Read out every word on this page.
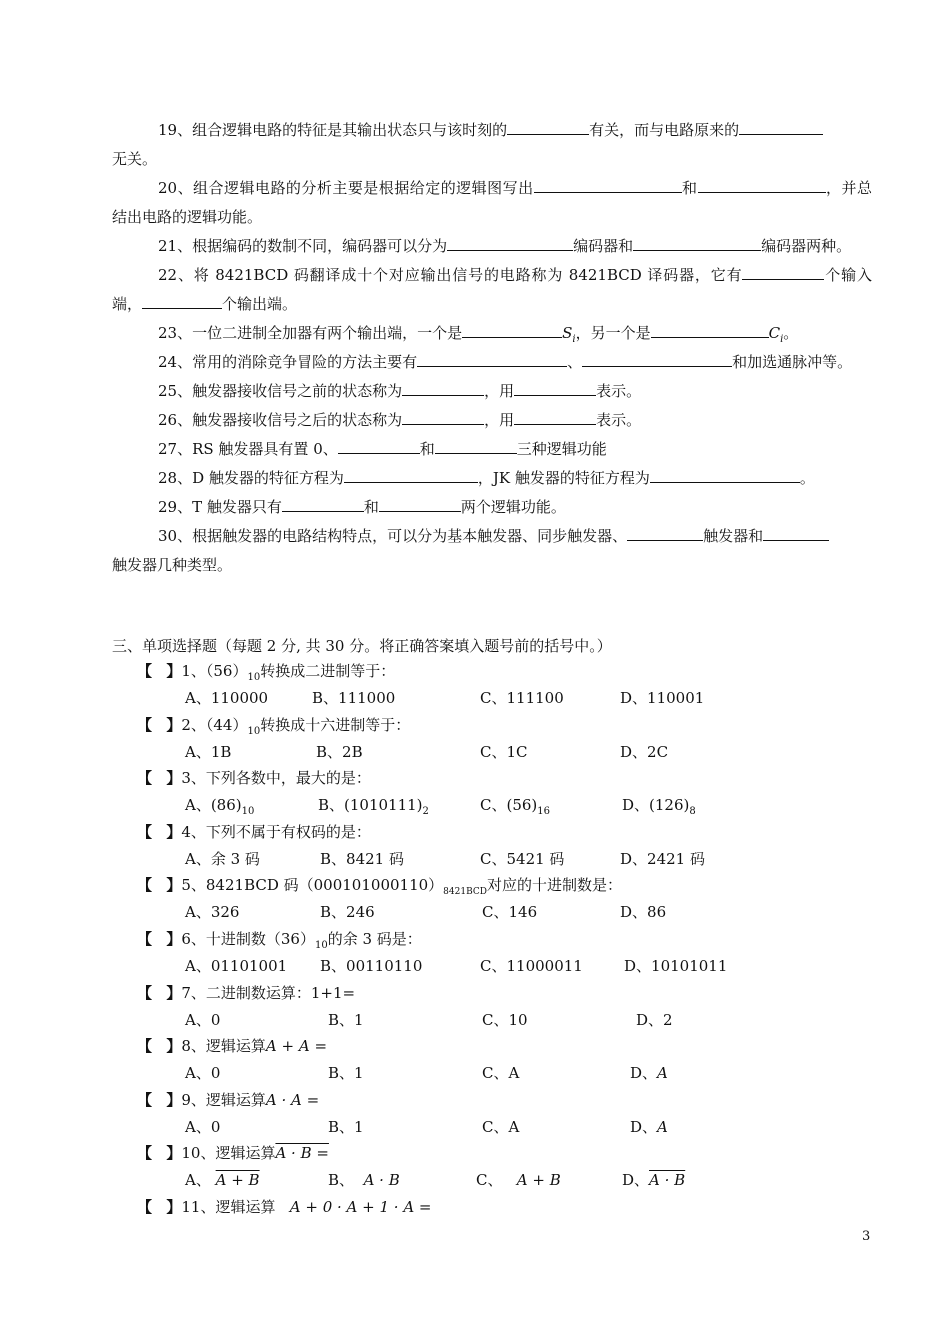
19、组合逻辑电路的特征是其输出状态只与该时刻的	有关，而与电路原来的
无关。

20、组合逻辑电路的分析主要是根据给定的逻辑图写出	和	，并总结出电路的逻辑功能。

21、根据编码的数制不同，编码器可以分为	编码器和	编码器两种。

22、将 8421BCD 码翻译成十个对应输出信号的电路称为 8421BCD 译码器，它有	个输入端，	个输出端。

23、一位二进制全加器有两个输出端，一个是	$S_i$，另一个是	$C_i$。

24、常用的消除竞争冒险的方法主要有	、	和加选通脉冲等。

25、触发器接收信号之前的状态称为	，用	表示。

26、触发器接收信号之后的状态称为	，用	表示。

27、RS 触发器具有置 0、	和	三种逻辑功能

28、D 触发器的特征方程为	，JK 触发器的特征方程为	。

29、T 触发器只有	和	两个逻辑功能。

30、根据触发器的电路结构特点，可以分为基本触发器、同步触发器、	触发器和
触发器几种类型。

三、单项选择题（每题 2 分, 共 30 分。将正确答案填入题号前的括号中。）
【 】1、$(56)_{10}$转换成二进制等于：
A、110000	B、111000	C、111100	D、110001
【 】2、$(44)_{10}$转换成十六进制等于：
A、1B	B、2B	C、1C	D、2C
【 】3、下列各数中，最大的是：
A、$(86)_{10}$	B、$(1010111)_2$	C、$(56)_{16}$	D、$(126)_8$
【 】4、下列不属于有权码的是：
A、余 3 码	B、8421 码	C、5421 码	D、2421 码
【 】5、8421BCD 码$(000101000110)_{8421BCD}$对应的十进制数是：
A、326	B、246	C、146	D、86
【 】6、十进制数$(36)_{10}$的余 3 码是：
A、01101001 B、00110110	C、11000011	D、10101011
【 】7、二进制数运算：1+1=
A、0	B、1	C、10	D、2
【 】8、逻辑运算A + A =
A、0	B、1	C、A	D、A
【 】9、逻辑运算A · A =
A、0	B、1	C、A	D、A
【 】10、逻辑运算A · B =
A、 A + B	B、 A · B	C、 A + B	D、A · B
【 】11、逻辑运算 A + 0 · A + 1 · A =
3
